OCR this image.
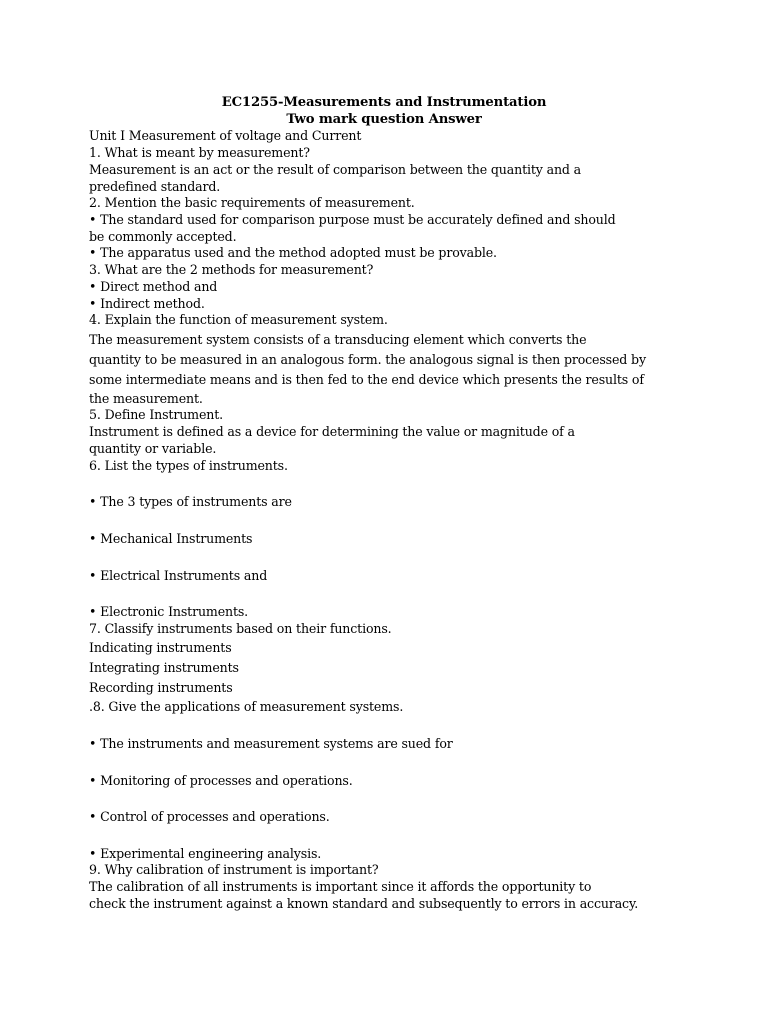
EC1255-Measurements and Instrumentation
Two mark question Answer
Unit I Measurement of voltage and Current
1. What is meant by measurement?
Measurement is an act or the result of comparison between the quantity and a
predefined standard.
2. Mention the basic requirements of measurement.
• The standard used for comparison purpose must be accurately defined and should
be commonly accepted.
• The apparatus used and the method adopted must be provable.
3. What are the 2 methods for measurement?
• Direct method and
• Indirect method.
4. Explain the function of measurement system.
The measurement system consists of a transducing element which converts the
quantity to be measured in an analogous form. the analogous signal is then processed by
some intermediate means and is then fed to the end device which presents the results of
the measurement.
5. Define Instrument.
Instrument is defined as a device for determining the value or magnitude of a
quantity or variable.
6. List the types of instruments.
• The 3 types of instruments are
• Mechanical Instruments
• Electrical Instruments and
• Electronic Instruments.
7. Classify instruments based on their functions.
Indicating instruments
Integrating instruments
Recording instruments
.8. Give the applications of measurement systems.
• The instruments and measurement systems are sued for
• Monitoring of processes and operations.
• Control of processes and operations.
• Experimental engineering analysis.
9. Why calibration of instrument is important?
The calibration of all instruments is important since it affords the opportunity to
check the instrument against a known standard and subsequently to errors in accuracy.
